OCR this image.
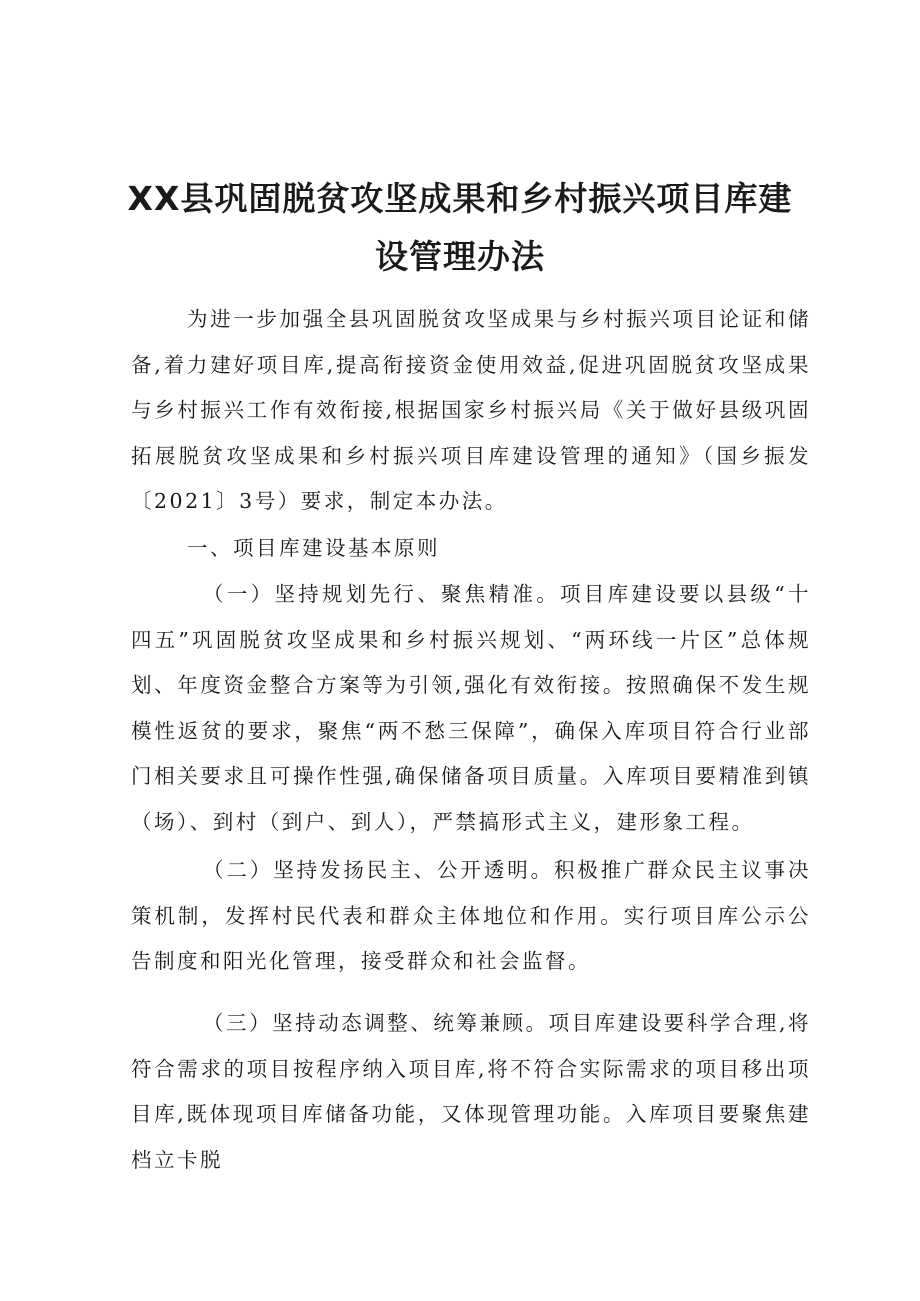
XX县巩固脱贫攻坚成果和乡村振兴项目库建
设管理办法

为进一步加强全县巩固脱贫攻坚成果与乡村振兴项目论证和储备,着力建好项目库,提高衔接资金使用效益,促进巩固脱贫攻坚成果与乡村振兴工作有效衔接,根据国家乡村振兴局《关于做好县级巩固拓展脱贫攻坚成果和乡村振兴项目库建设管理的通知》（国乡振发〔2021〕3号）要求，制定本办法。

一、项目库建设基本原则

（一）坚持规划先行、聚焦精准。项目库建设要以县级“十四五”巩固脱贫攻坚成果和乡村振兴规划、“两环线一片区”总体规划、年度资金整合方案等为引领,强化有效衔接。按照确保不发生规模性返贫的要求，聚焦“两不愁三保障”，确保入库项目符合行业部门相关要求且可操作性强,确保储备项目质量。入库项目要精准到镇（场）、到村（到户、到人），严禁搞形式主义，建形象工程。

（二）坚持发扬民主、公开透明。积极推广群众民主议事决策机制，发挥村民代表和群众主体地位和作用。实行项目库公示公告制度和阳光化管理，接受群众和社会监督。

（三）坚持动态调整、统筹兼顾。项目库建设要科学合理,将符合需求的项目按程序纳入项目库,将不符合实际需求的项目移出项目库,既体现项目库储备功能，又体现管理功能。入库项目要聚焦建档立卡脱
